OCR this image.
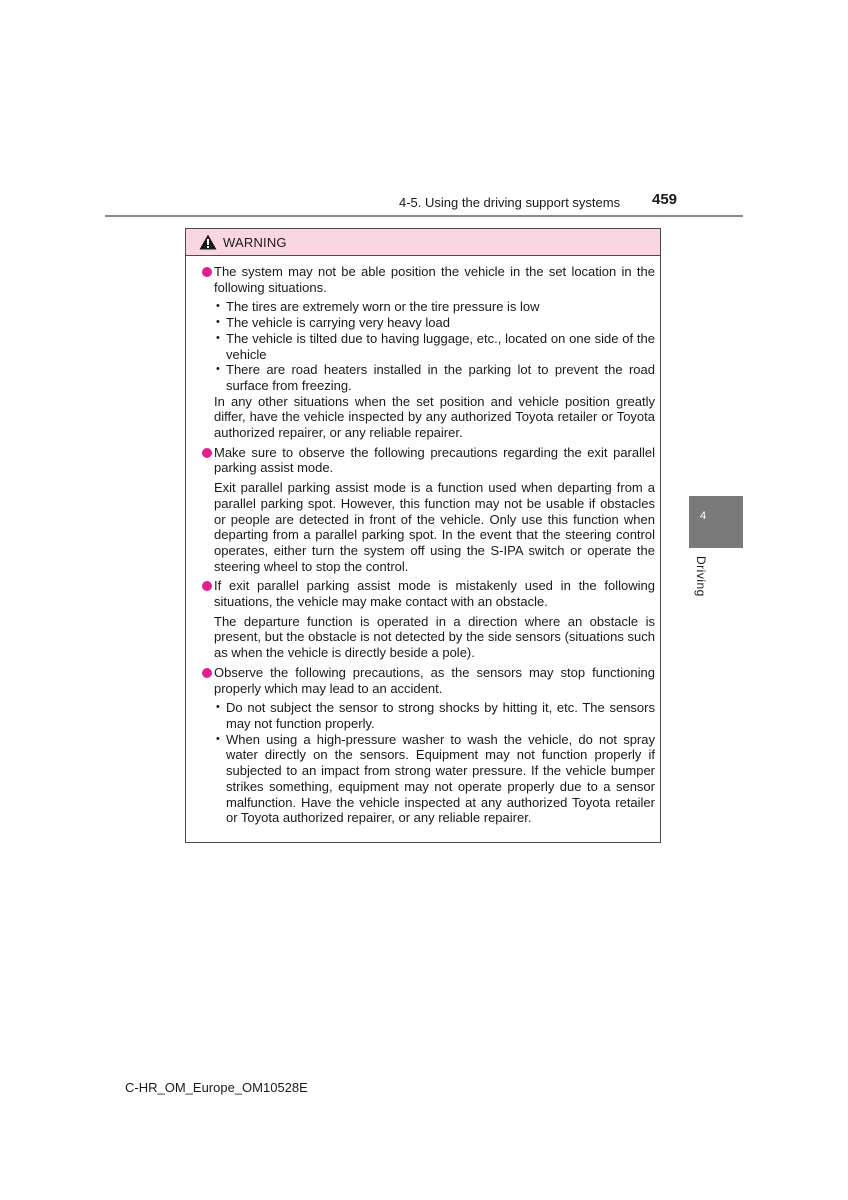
4-5. Using the driving support systems 459
4
Driving
WARNING
The system may not be able position the vehicle in the set location in the following situations.
• The tires are extremely worn or the tire pressure is low
• The vehicle is carrying very heavy load
• The vehicle is tilted due to having luggage, etc., located on one side of the vehicle
• There are road heaters installed in the parking lot to prevent the road surface from freezing.
In any other situations when the set position and vehicle position greatly differ, have the vehicle inspected by any authorized Toyota retailer or Toyota authorized repairer, or any reliable repairer.
Make sure to observe the following precautions regarding the exit parallel parking assist mode.
Exit parallel parking assist mode is a function used when departing from a parallel parking spot. However, this function may not be usable if obstacles or people are detected in front of the vehicle. Only use this function when departing from a parallel parking spot. In the event that the steering control operates, either turn the system off using the S-IPA switch or operate the steering wheel to stop the control.
If exit parallel parking assist mode is mistakenly used in the following situations, the vehicle may make contact with an obstacle.
The departure function is operated in a direction where an obstacle is present, but the obstacle is not detected by the side sensors (situations such as when the vehicle is directly beside a pole).
Observe the following precautions, as the sensors may stop functioning properly which may lead to an accident.
• Do not subject the sensor to strong shocks by hitting it, etc. The sensors may not function properly.
• When using a high-pressure washer to wash the vehicle, do not spray water directly on the sensors. Equipment may not function properly if subjected to an impact from strong water pressure. If the vehicle bumper strikes something, equipment may not operate properly due to a sensor malfunction. Have the vehicle inspected at any authorized Toyota retailer or Toyota authorized repairer, or any reliable repairer.
C-HR_OM_Europe_OM10528E
